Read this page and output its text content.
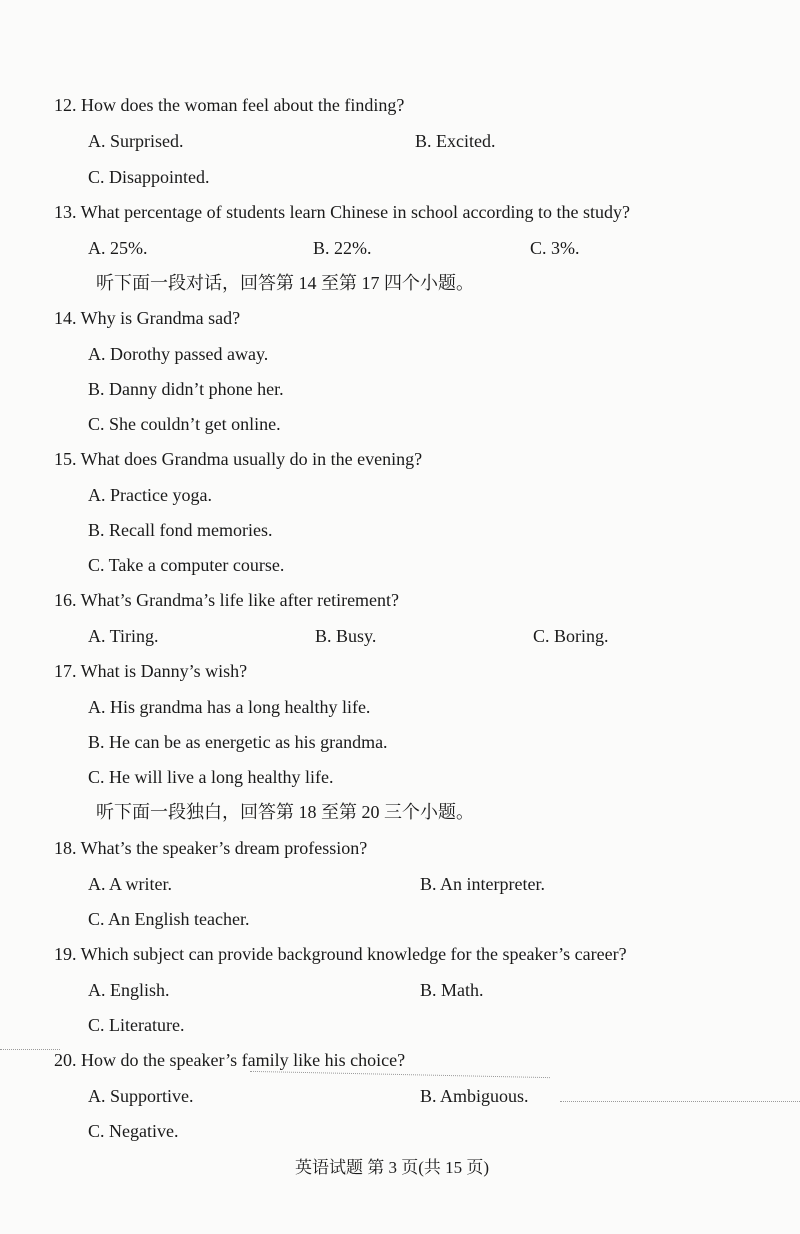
12. How does the woman feel about the finding?
A. Surprised.	B. Excited.
C. Disappointed.
13. What percentage of students learn Chinese in school according to the study?
A. 25%.	B. 22%.	C. 3%.
听下面一段对话，回答第 14 至第 17 四个小题。
14. Why is Grandma sad?
A. Dorothy passed away.
B. Danny didn’t phone her.
C. She couldn’t get online.
15. What does Grandma usually do in the evening?
A. Practice yoga.
B. Recall fond memories.
C. Take a computer course.
16. What’s Grandma’s life like after retirement?
A. Tiring.	B. Busy.	C. Boring.
17. What is Danny’s wish?
A. His grandma has a long healthy life.
B. He can be as energetic as his grandma.
C. He will live a long healthy life.
听下面一段独白，回答第 18 至第 20 三个小题。
18. What’s the speaker’s dream profession?
A. A writer.	B. An interpreter.
C. An English teacher.
19. Which subject can provide background knowledge for the speaker’s career?
A. English.	B. Math.
C. Literature.
20. How do the speaker’s family like his choice?
A. Supportive.	B. Ambiguous.
C. Negative.
英语试题 第 3 页(共 15 页)
